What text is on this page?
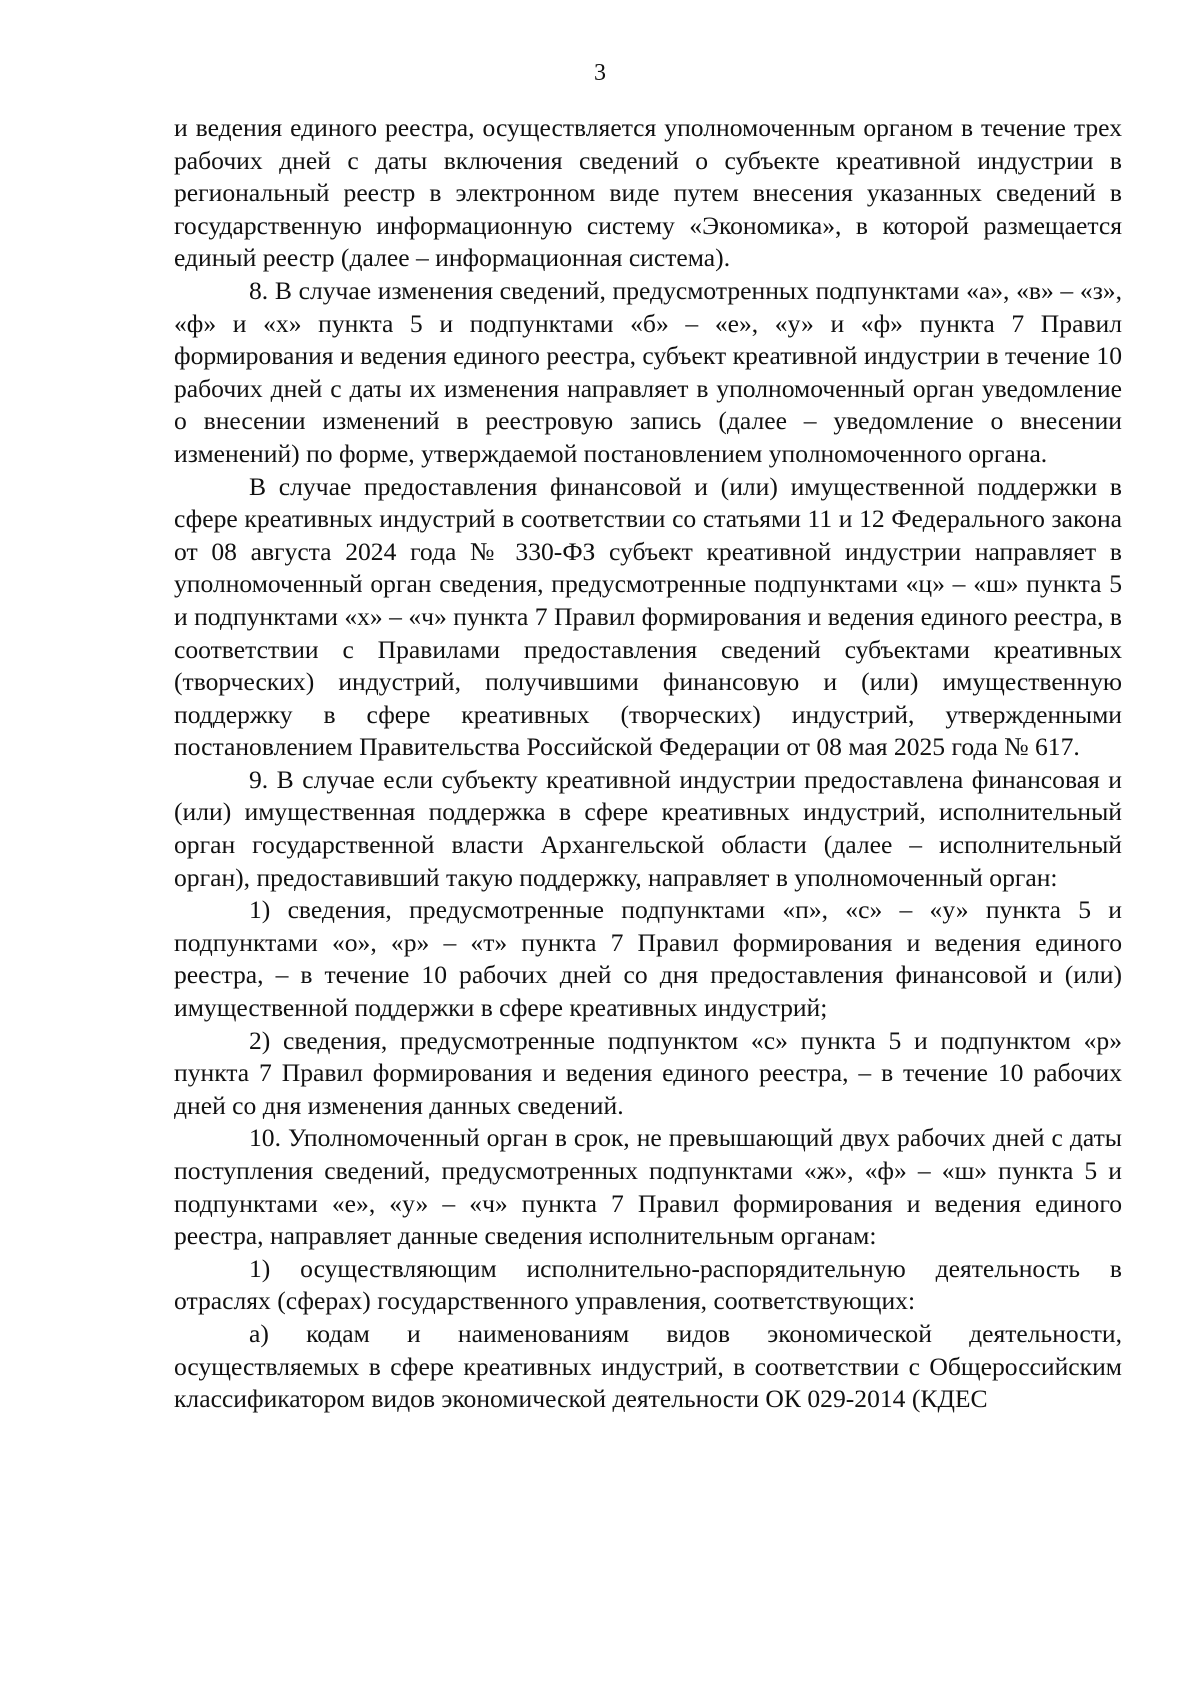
3

и ведения единого реестра, осуществляется уполномоченным органом в течение трех рабочих дней с даты включения сведений о субъекте креативной индустрии в региональный реестр в электронном виде путем внесения указанных сведений в государственную информационную систему «Экономика», в которой размещается единый реестр (далее – информационная система).

8. В случае изменения сведений, предусмотренных подпунктами «а», «в» – «з», «ф» и «х» пункта 5 и подпунктами «б» – «е», «у» и «ф» пункта 7 Правил формирования и ведения единого реестра, субъект креативной индустрии в течение 10 рабочих дней с даты их изменения направляет в уполномоченный орган уведомление о внесении изменений в реестровую запись (далее – уведомление о внесении изменений) по форме, утверждаемой постановлением уполномоченного органа.

В случае предоставления финансовой и (или) имущественной поддержки в сфере креативных индустрий в соответствии со статьями 11 и 12 Федерального закона от 08 августа 2024 года № 330-ФЗ субъект креативной индустрии направляет в уполномоченный орган сведения, предусмотренные подпунктами «ц» – «ш» пункта 5 и подпунктами «х» – «ч» пункта 7 Правил формирования и ведения единого реестра, в соответствии с Правилами предоставления сведений субъектами креативных (творческих) индустрий, получившими финансовую и (или) имущественную поддержку в сфере креативных (творческих) индустрий, утвержденными постановлением Правительства Российской Федерации от 08 мая 2025 года № 617.

9. В случае если субъекту креативной индустрии предоставлена финансовая и (или) имущественная поддержка в сфере креативных индустрий, исполнительный орган государственной власти Архангельской области (далее – исполнительный орган), предоставивший такую поддержку, направляет в уполномоченный орган:

1) сведения, предусмотренные подпунктами «п», «с» – «у» пункта 5 и подпунктами «о», «р» – «т» пункта 7 Правил формирования и ведения единого реестра, – в течение 10 рабочих дней со дня предоставления финансовой и (или) имущественной поддержки в сфере креативных индустрий;

2) сведения, предусмотренные подпунктом «с» пункта 5 и подпунктом «р» пункта 7 Правил формирования и ведения единого реестра, – в течение 10 рабочих дней со дня изменения данных сведений.

10. Уполномоченный орган в срок, не превышающий двух рабочих дней с даты поступления сведений, предусмотренных подпунктами «ж», «ф» – «ш» пункта 5 и подпунктами «е», «у» – «ч» пункта 7 Правил формирования и ведения единого реестра, направляет данные сведения исполнительным органам:

1) осуществляющим исполнительно-распорядительную деятельность в отраслях (сферах) государственного управления, соответствующих:

а) кодам и наименованиям видов экономической деятельности, осуществляемых в сфере креативных индустрий, в соответствии с Общероссийским классификатором видов экономической деятельности ОК 029-2014 (КДЕС
